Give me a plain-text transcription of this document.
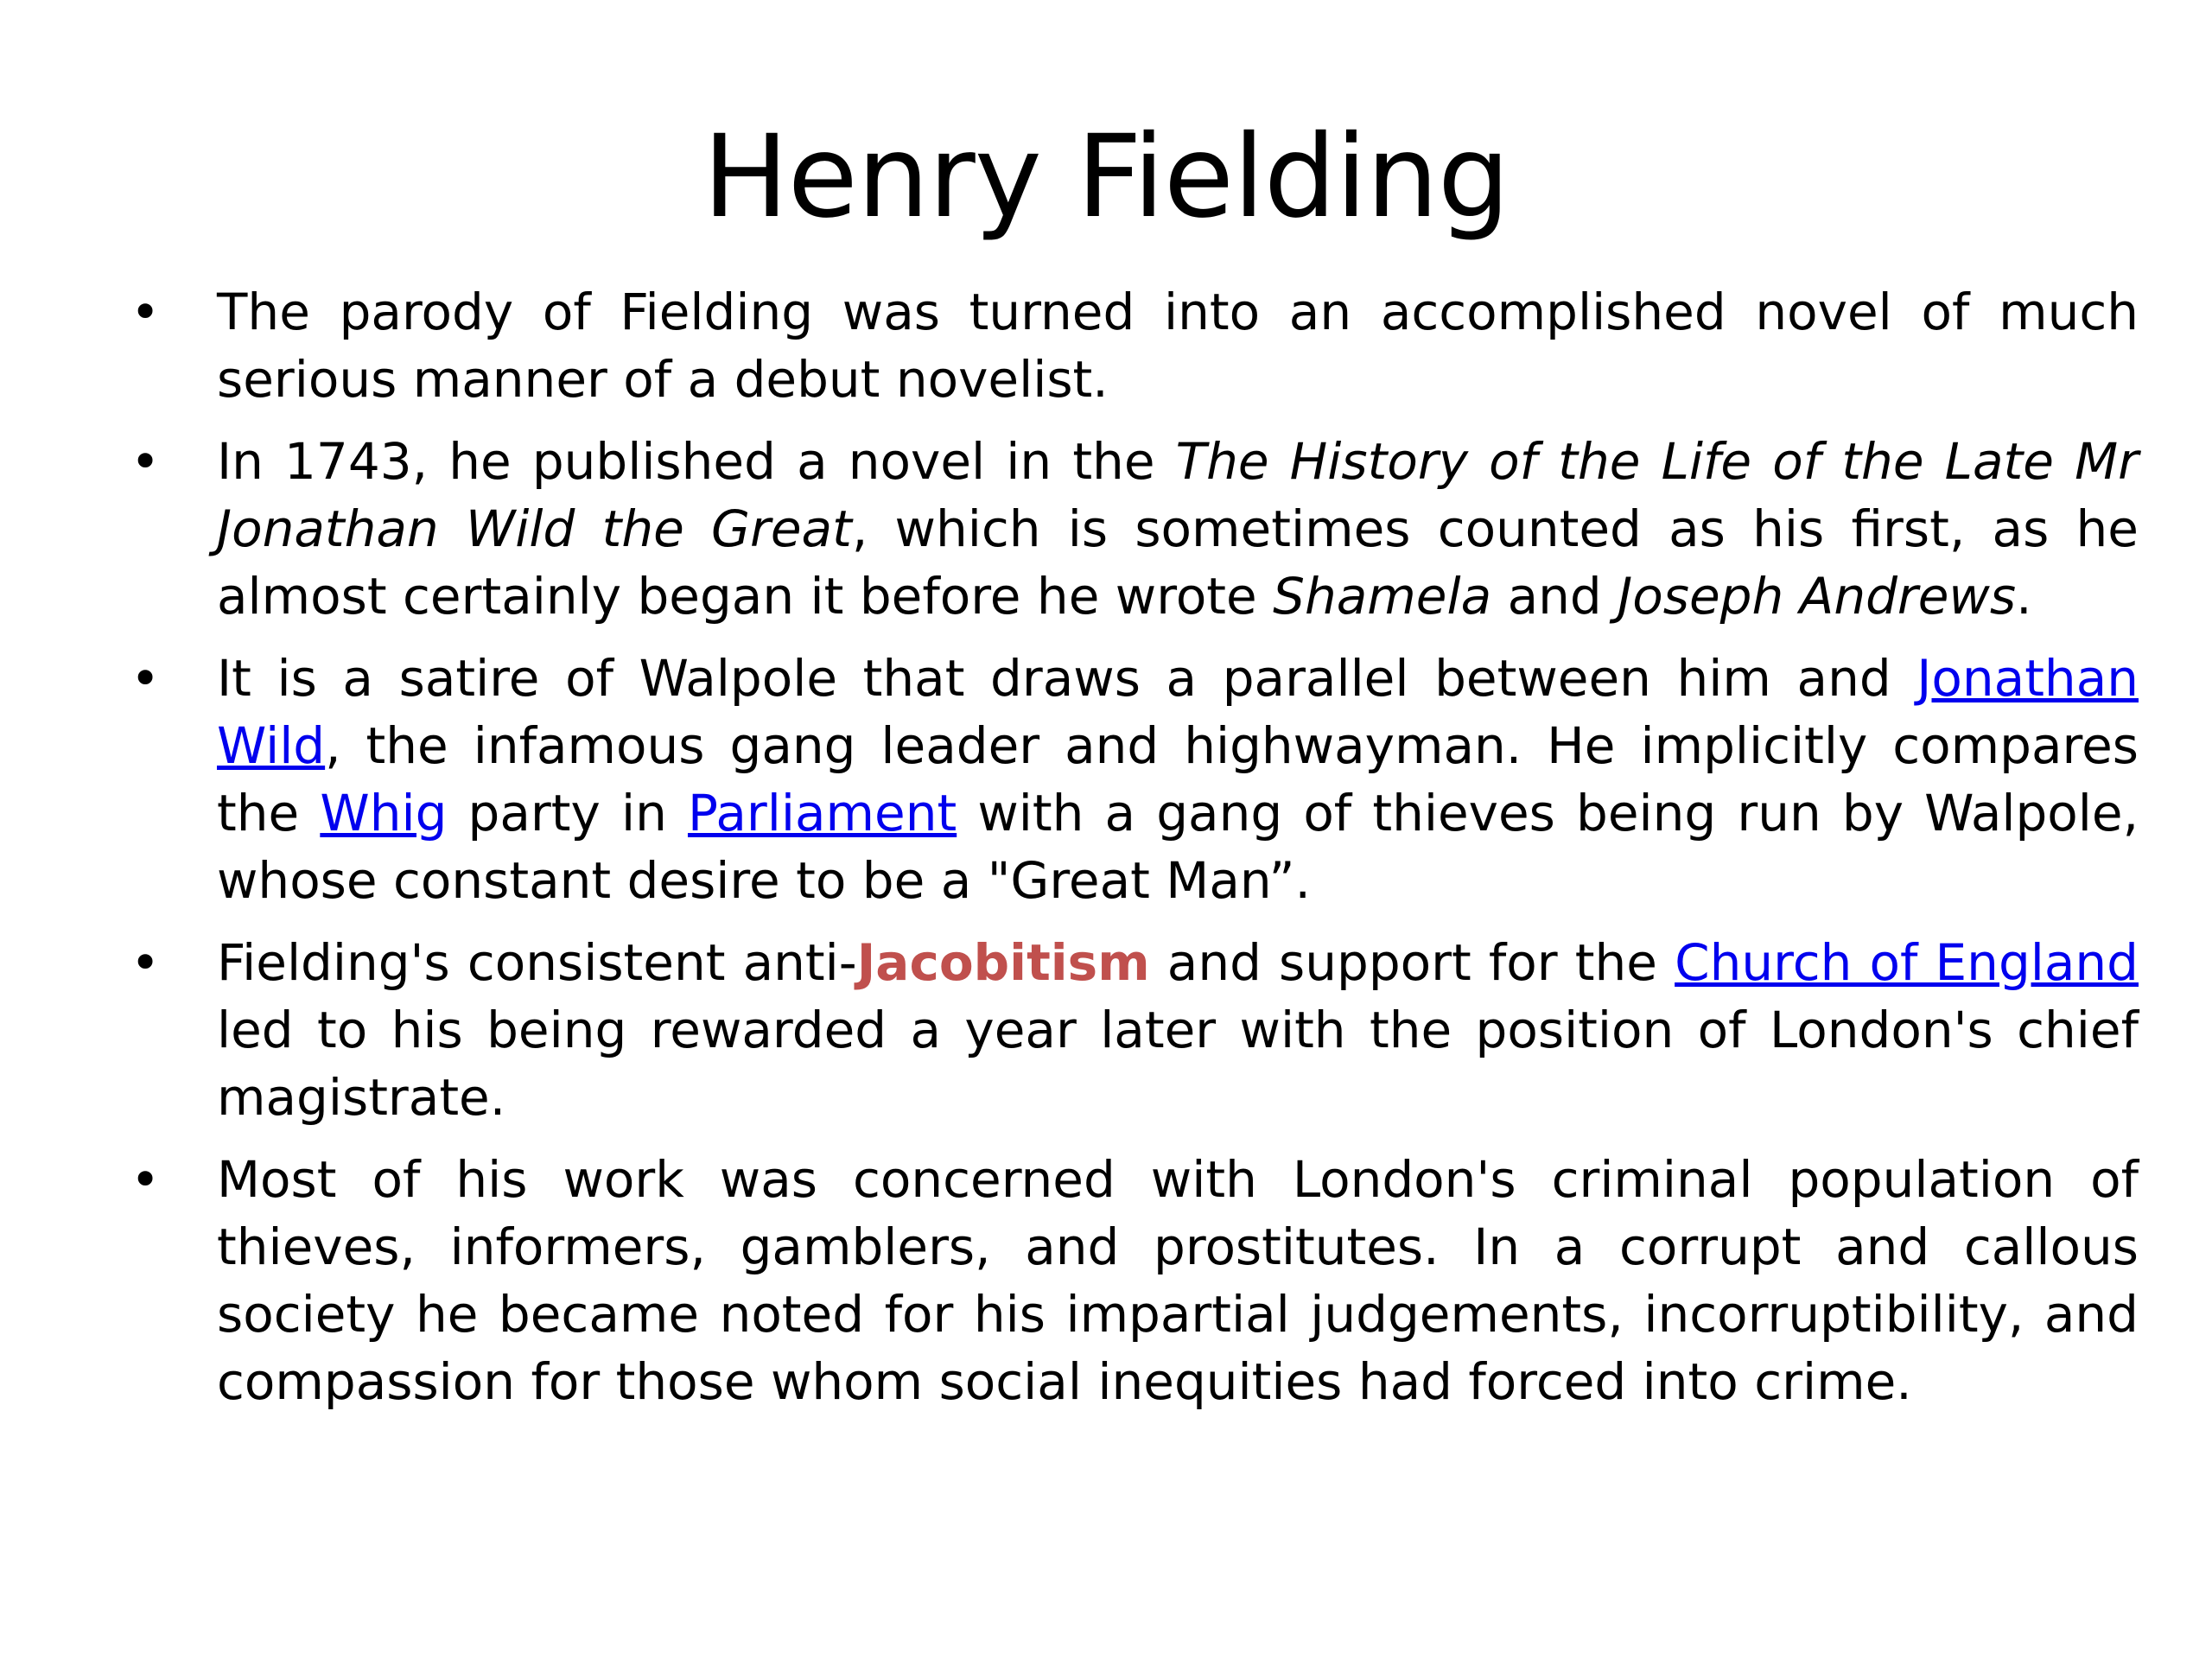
Henry Fielding
• The parody of Fielding was turned into an accomplished novel of much serious manner of a debut novelist.
• In 1743, he published a novel in the The History of the Life of the Late Mr Jonathan Wild the Great, which is sometimes counted as his first, as he almost certainly began it before he wrote Shamela and Joseph Andrews.
• It is a satire of Walpole that draws a parallel between him and Jonathan Wild, the infamous gang leader and highwayman. He implicitly compares the Whig party in Parliament with a gang of thieves being run by Walpole, whose constant desire to be a "Great Man”.
• Fielding's consistent anti-Jacobitism and support for the Church of England led to his being rewarded a year later with the position of London's chief magistrate.
• Most of his work was concerned with London's criminal population of thieves, informers, gamblers, and prostitutes. In a corrupt and callous society he became noted for his impartial judgements, incorruptibility, and compassion for those whom social inequities had forced into crime.
